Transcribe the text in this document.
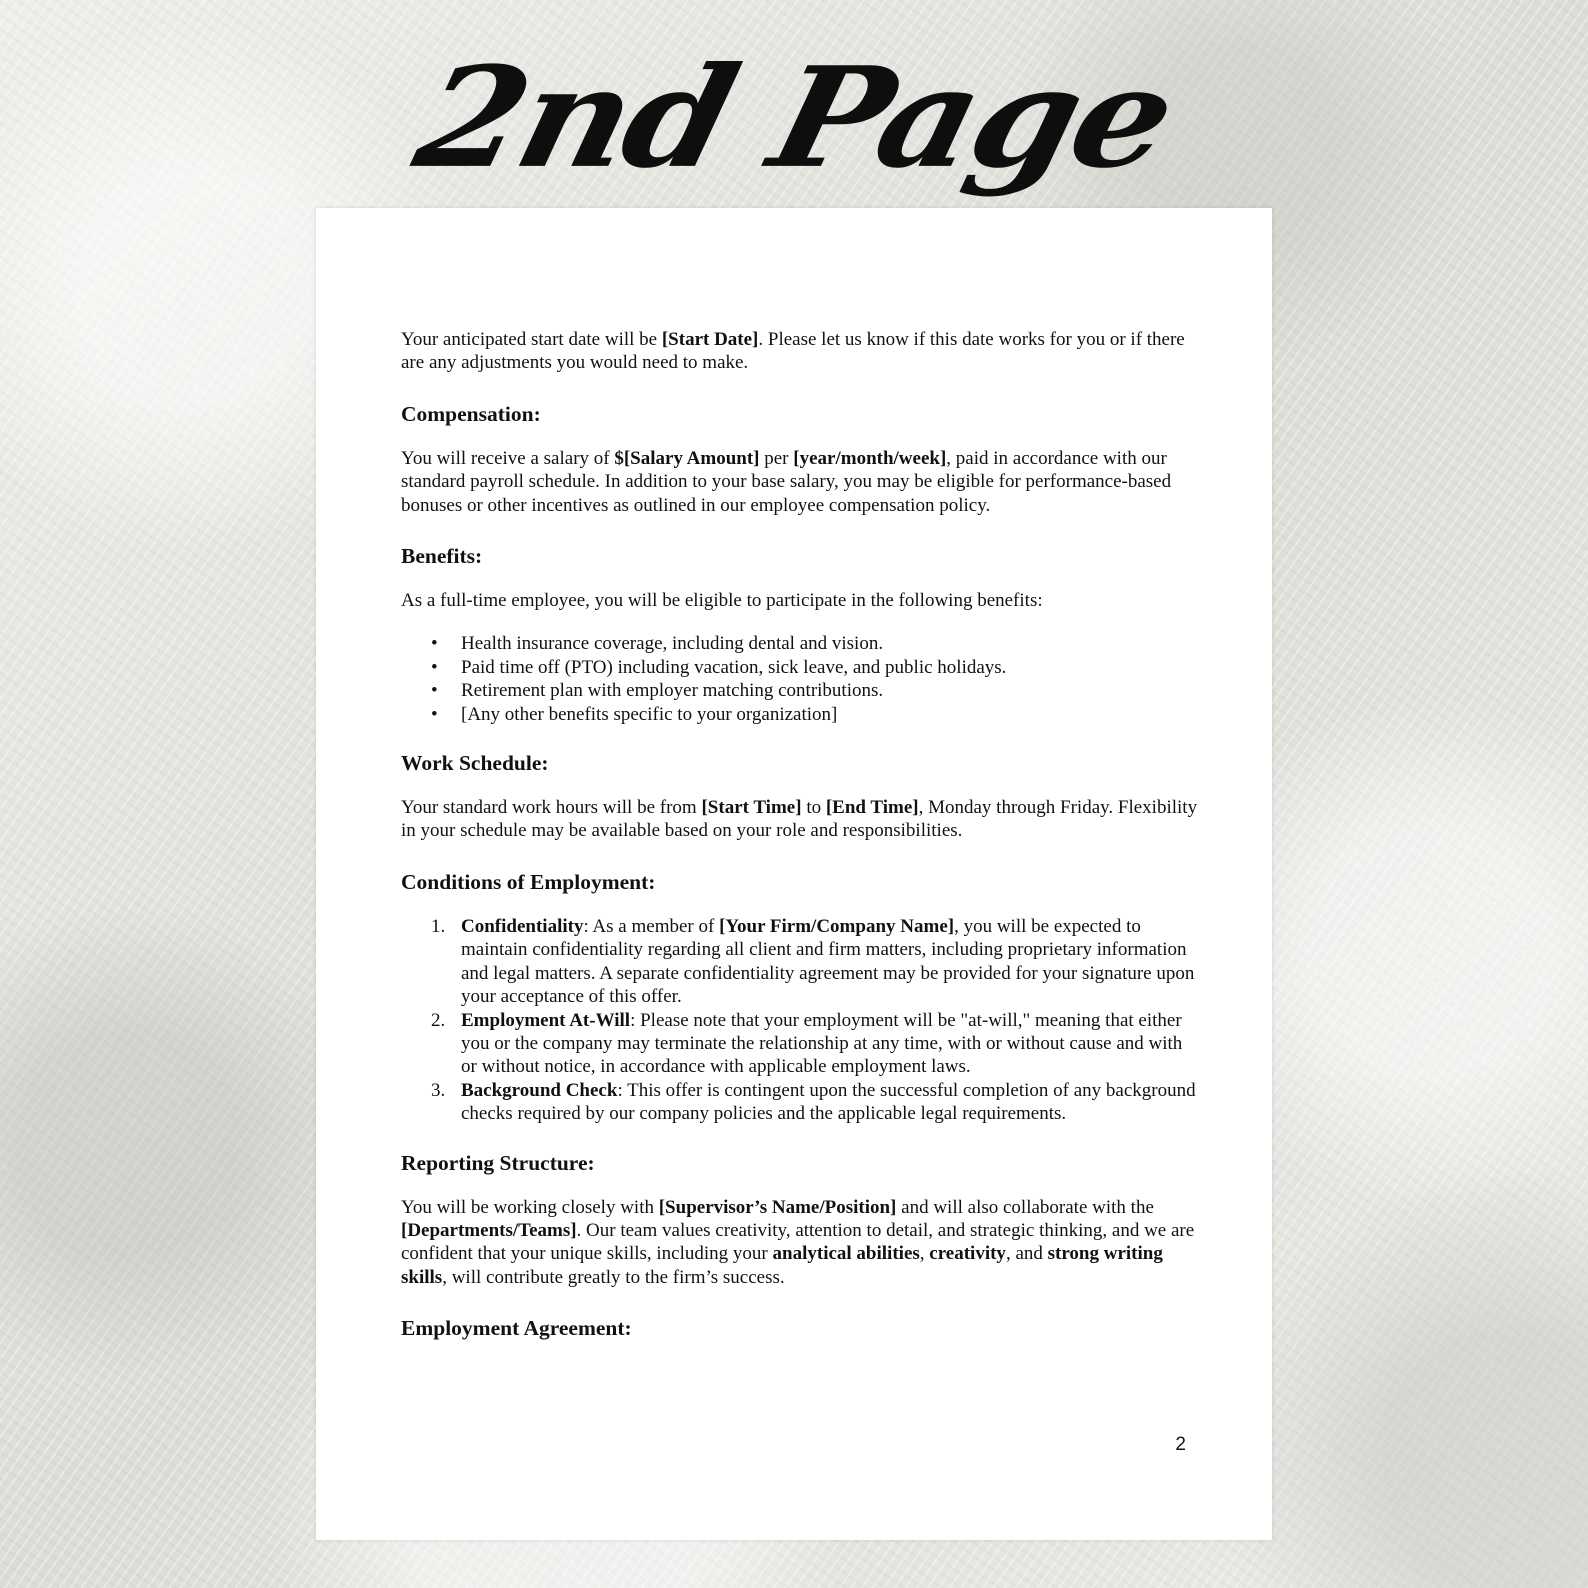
2nd Page

Your anticipated start date will be [Start Date]. Please let us know if this date works for you or if there are any adjustments you would need to make.

Compensation:

You will receive a salary of $[Salary Amount] per [year/month/week], paid in accordance with our standard payroll schedule. In addition to your base salary, you may be eligible for performance-based bonuses or other incentives as outlined in our employee compensation policy.

Benefits:

As a full-time employee, you will be eligible to participate in the following benefits:

• Health insurance coverage, including dental and vision.
• Paid time off (PTO) including vacation, sick leave, and public holidays.
• Retirement plan with employer matching contributions.
• [Any other benefits specific to your organization]
Work Schedule:

Your standard work hours will be from [Start Time] to [End Time], Monday through Friday. Flexibility in your schedule may be available based on your role and responsibilities.

Conditions of Employment:
1. Confidentiality: As a member of [Your Firm/Company Name], you will be expected to maintain confidentiality regarding all client and firm matters, including proprietary information and legal matters. A separate confidentiality agreement may be provided for your signature upon your acceptance of this offer.
2. Employment At-Will: Please note that your employment will be "at-will," meaning that either you or the company may terminate the relationship at any time, with or without cause and with or without notice, in accordance with applicable employment laws.
3. Background Check: This offer is contingent upon the successful completion of any background checks required by our company policies and the applicable legal requirements.
Reporting Structure:

You will be working closely with [Supervisor’s Name/Position] and will also collaborate with the [Departments/Teams]. Our team values creativity, attention to detail, and strategic thinking, and we are confident that your unique skills, including your analytical abilities, creativity, and strong writing skills, will contribute greatly to the firm’s success.

Employment Agreement:
2
